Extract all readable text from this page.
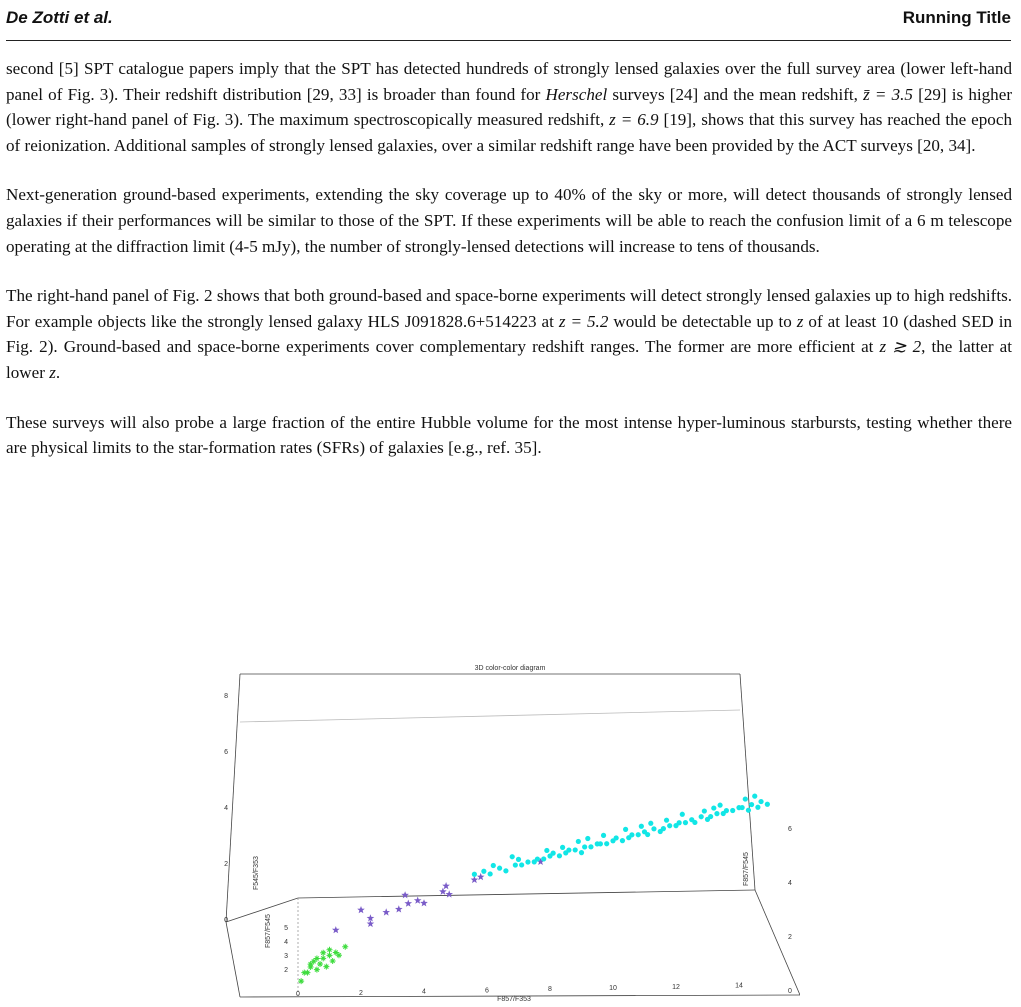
De Zotti et al.	Running Title

second [5] SPT catalogue papers imply that the SPT has detected hundreds of strongly lensed galaxies over the full survey area (lower left-hand panel of Fig. 3). Their redshift distribution [29, 33] is broader than found for Herschel surveys [24] and the mean redshift, z̄ = 3.5 [29] is higher (lower right-hand panel of Fig. 3). The maximum spectroscopically measured redshift, z = 6.9 [19], shows that this survey has reached the epoch of reionization. Additional samples of strongly lensed galaxies, over a similar redshift range have been provided by the ACT surveys [20, 34].

Next-generation ground-based experiments, extending the sky coverage up to 40% of the sky or more, will detect thousands of strongly lensed galaxies if their performances will be similar to those of the SPT. If these experiments will be able to reach the confusion limit of a 6 m telescope operating at the diffraction limit (4-5 mJy), the number of strongly-lensed detections will increase to tens of thousands.

The right-hand panel of Fig. 2 shows that both ground-based and space-borne experiments will detect strongly lensed galaxies up to high redshifts. For example objects like the strongly lensed galaxy HLS J091828.6+514223 at z = 5.2 would be detectable up to z of at least 10 (dashed SED in Fig. 2). Ground-based and space-borne experiments cover complementary redshift ranges. The former are more efficient at z ≳ 2, the latter at lower z.

These surveys will also probe a large fraction of the entire Hubble volume for the most intense hyper-luminous starbursts, testing whether there are physical limits to the star-formation rates (SFRs) of galaxies [e.g., ref. 35].

3D color-color diagram
F857/F353
F545/F353
F857/F545
F857/F545
0	2	4	6	8	10	12	14
0
2
4
6
8
2
3
4
5
0
2
4
6
